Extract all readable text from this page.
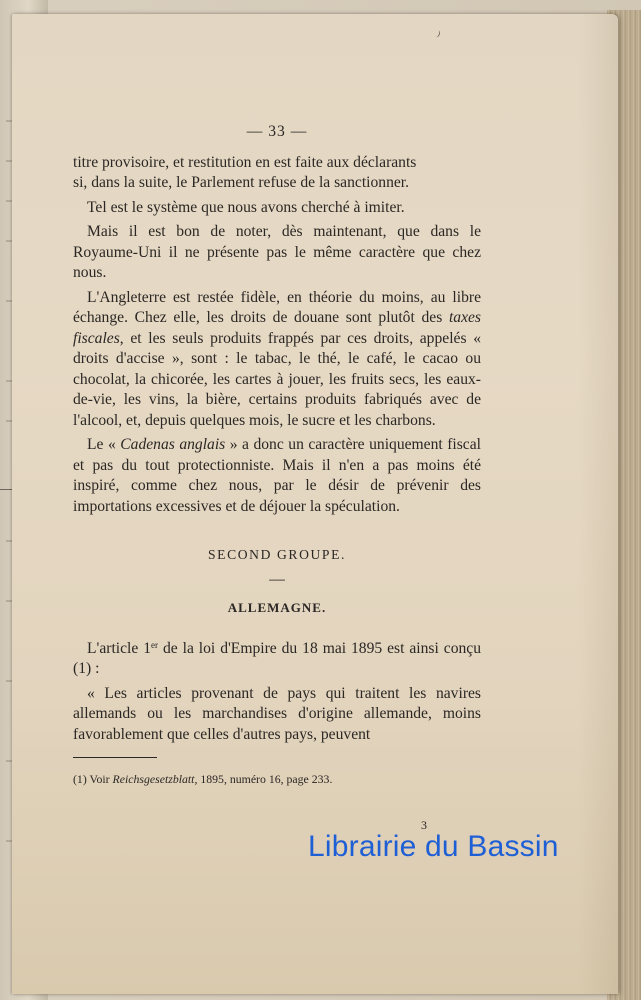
⁾
— 33 —

titre provisoire, et restitution en est faite aux déclarants

si, dans la suite, le Parlement refuse de la sanctionner.

Tel est le système que nous avons cherché à imiter.

Mais il est bon de noter, dès maintenant, que dans le Royaume-Uni il ne présente pas le même caractère que chez nous.

L'Angleterre est restée fidèle, en théorie du moins, au libre échange. Chez elle, les droits de douane sont plutôt des taxes fiscales, et les seuls produits frappés par ces droits, appelés « droits d'accise », sont : le tabac, le thé, le café, le cacao ou chocolat, la chicorée, les cartes à jouer, les fruits secs, les eaux-de-vie, les vins, la bière, certains produits fabriqués avec de l'alcool, et, depuis quelques mois, le sucre et les charbons.

Le « Cadenas anglais » a donc un caractère uniquement fiscal et pas du tout protectionniste. Mais il n'en a pas moins été inspiré, comme chez nous, par le désir de prévenir des importations excessives et de déjouer la spéculation.

SECOND GROUPE.
—
ALLEMAGNE.

L'article 1er de la loi d'Empire du 18 mai 1895 est ainsi conçu (1) :

« Les articles provenant de pays qui traitent les navires allemands ou les marchandises d'origine allemande, moins favorablement que celles d'autres pays, peuvent

(1) Voir Reichsgesetzblatt, 1895, numéro 16, page 233.

3
Librairie du Bassin
